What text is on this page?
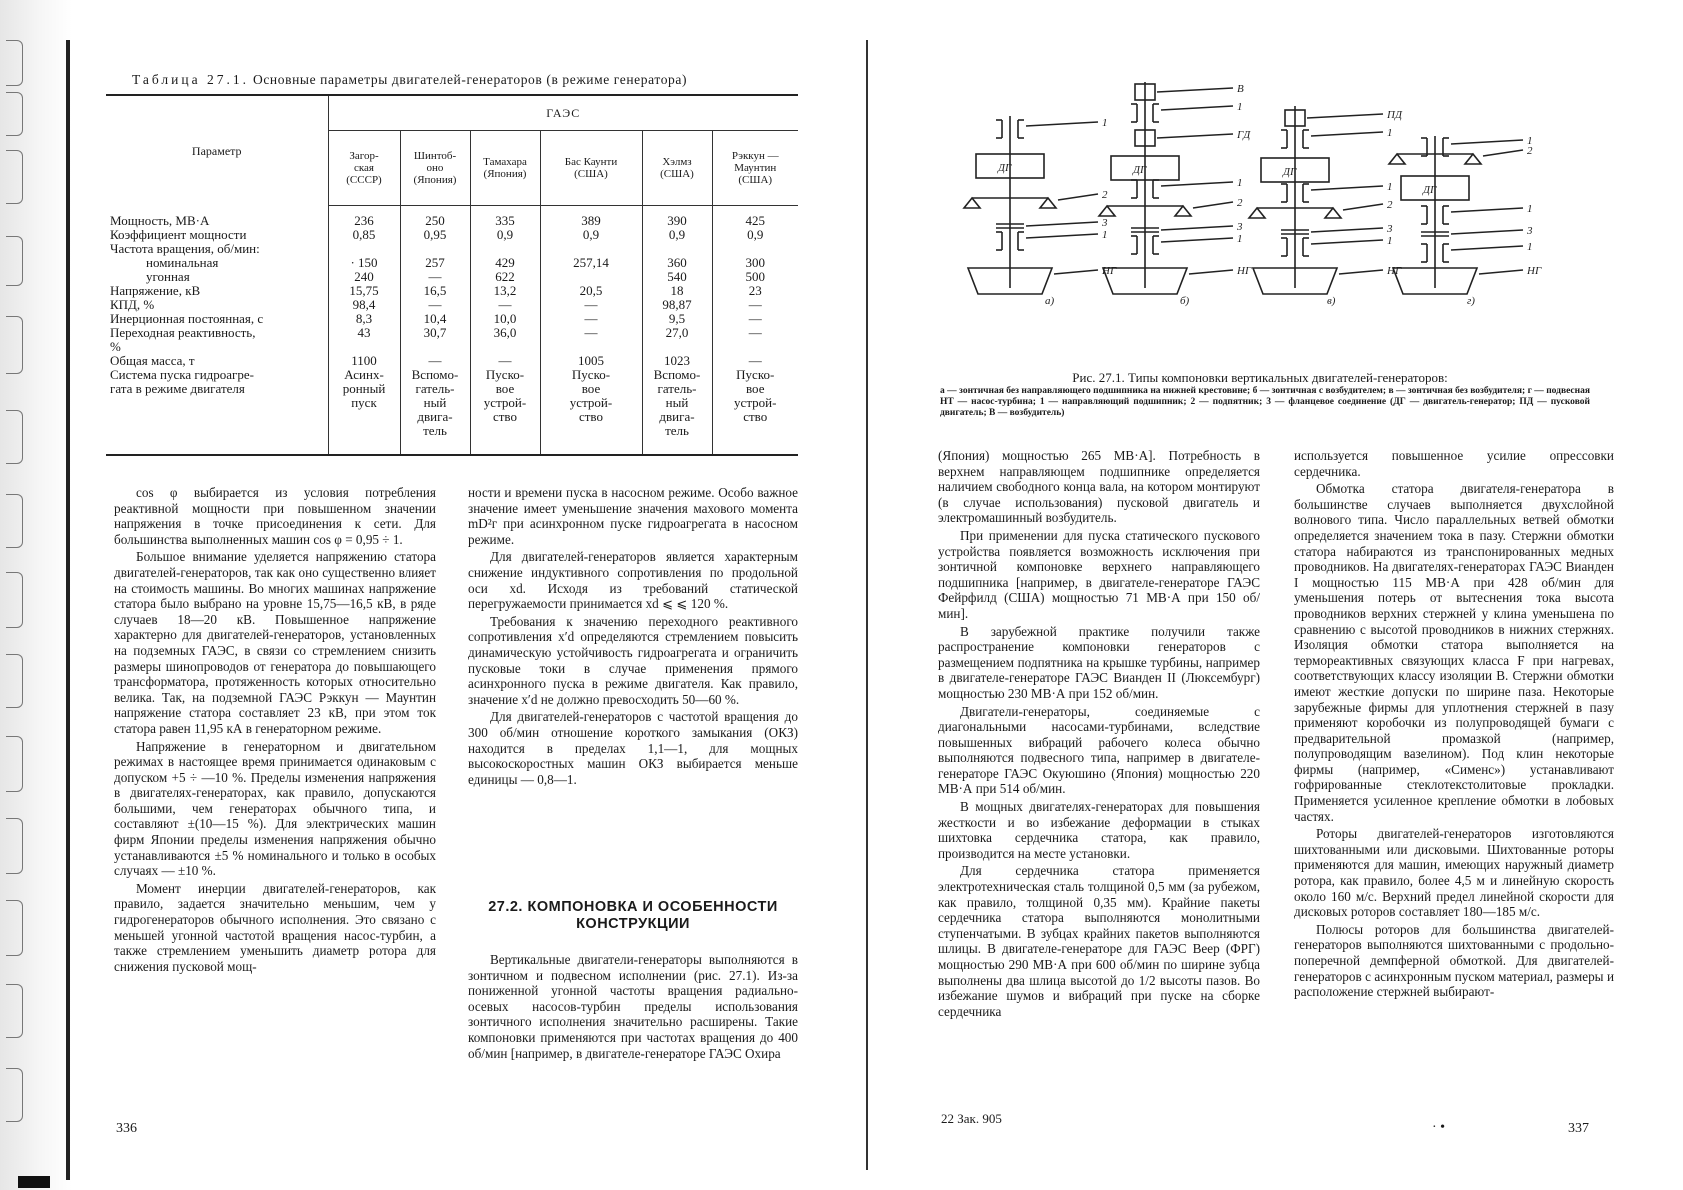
Таблица 27.1. Основные параметры двигателей-генераторов (в режиме генератора)
Параметр	ГАЭС					
	Загор-
ская
(СССР)	Шинтоб-
оно
(Япония)	Тамахара
(Япония)	Бас Каунти
(США)	Хэлмз
(США)	Рэккун —
Маунтин
(США)
Мощность, МВ·А	236	250	335	389	390	425
Коэффициент мощности	0,85	0,95	0,9	0,9	0,9	0,9
Частота вращения, об/мин:						
номинальная	· 150	257	429	257,14	360	300
угонная	240	—	622		540	500
Напряжение, кВ	15,75	16,5	13,2	20,5	18	23
КПД, %	98,4	—	—	—	98,87	—
Инерционная постоянная, с	8,3	10,4	10,0	—	9,5	—
Переходная реактивность,
%	43	30,7	36,0	—	27,0	—
Общая масса, т	1100	—	—	1005	1023	—
Система пуска гидроагре-
гата в режиме двигателя	Асинх-
ронный
пуск	Вспомо-
гатель-
ный
двига-
тель	Пуско-
вое
устрой-
ство	Пуско-
вое
устрой-
ство	Вспомо-
гатель-
ный
двига-
тель	Пуско-
вое
устрой-
ство

cos φ выбирается из условия потребления реактивной мощности при повышенном значении напряжения в точке присоединения к сети. Для большинства выполненных машин cos φ = 0,95 ÷ 1.

Большое внимание уделяется напряжению статора двигателей-генераторов, так как оно существенно влияет на стоимость машины. Во многих машинах напряжение статора было выбрано на уровне 15,75—16,5 кВ, в ряде случаев 18—20 кВ. Повышенное напряжение характерно для двигателей-генераторов, установленных на подземных ГАЭС, в связи со стремлением снизить размеры шинопроводов от генератора до повышающего трансформатора, протяженность которых относительно велика. Так, на подземной ГАЭС Рэккун — Маунтин напряжение статора составляет 23 кВ, при этом ток статора равен 11,95 кА в генераторном режиме.

Напряжение в генераторном и двигательном режимах в настоящее время принимается одинаковым с допуском +5 ÷ —10 %. Пределы изменения напряжения в двигателях-генераторах, как правило, допускаются большими, чем генераторах обычного типа, и составляют ±(10—15 %). Для электрических машин фирм Японии пределы изменения напряжения обычно устанавливаются ±5 % номинального и только в особых случаях — ±10 %.

Момент инерции двигателей-генераторов, как правило, задается значительно меньшим, чем у гидрогенераторов обычного исполнения. Это связано с меньшей угонной частотой вращения насос-турбин, а также стремлением уменьшить диаметр ротора для снижения пусковой мощ-

ности и времени пуска в насосном режиме. Особо важное значение имеет уменьшение значения махового момента mD²г при асинхронном пуске гидроагрегата в насосном режиме.

Для двигателей-генераторов является характерным снижение индуктивного сопротивления по продольной оси xd. Исходя из требований статической перегружаемости принимается xd ⩽ ⩽ 120 %.

Требования к значению переходного реактивного сопротивления x′d определяются стремлением повысить динамическую устойчивость гидроагрегата и ограничить пусковые токи в случае применения прямого асинхронного пуска в режиме двигателя. Как правило, значение x′d не должно превосходить 50—60 %.

Для двигателей-генераторов с частотой вращения до 300 об/мин отношение короткого замыкания (ОКЗ) находится в пределах 1,1—1, для мощных высокоскоростных машин ОКЗ выбирается меньше единицы — 0,8—1.

27.2. КОМПОНОВКА И ОСОБЕННОСТИ КОНСТРУКЦИИ

Вертикальные двигатели-генераторы выполняются в зонтичном и подвесном исполнении (рис. 27.1). Из-за пониженной угонной частоты вращения радиально-осевых насосов-турбин пределы использования зонтичного исполнения значительно расширены. Такие компоновки применяются при частотах вращения до 400 об/мин [например, в двигателе-генераторе ГАЭС Охира

336
1
ДГ
2
3
1
НГ
а)
В
1
ГД
ДГ
1
2
3
1
НГ
б)
ПД
1
ДГ
1
2
3
1
НГ
в)
1
2
ДГ
1
3
1
НГ
г)
Рис. 27.1. Типы компоновки вертикальных двигателей-генераторов:
а — зонтичная без направляющего подшипника на нижней крестовине; б — зонтичная с возбудителем; в — зонтичная без возбудителя; г — подвесная НТ — насос-турбина; 1 — направляющий подшипник; 2 — подпятник; 3 — фланцевое соединение (ДГ — двигатель-генератор; ПД — пусковой двигатель; В — возбудитель)

(Япония) мощностью 265 МВ·А]. Потребность в верхнем направляющем подшипнике определяется наличием свободного конца вала, на котором монтируют (в случае использования) пусковой двигатель и электромашинный возбудитель.

При применении для пуска статического пускового устройства появляется возможность исключения при зонтичной компоновке верхнего направляющего подшипника [например, в двигателе-генераторе ГАЭС Фейрфилд (США) мощностью 71 МВ·А при 150 об/мин].

В зарубежной практике получили также распространение компоновки генераторов с размещением подпятника на крышке турбины, например в двигателе-генераторе ГАЭС Вианден II (Люксембург) мощностью 230 МВ·А при 152 об/мин.

Двигатели-генераторы, соединяемые с диагональными насосами-турбинами, вследствие повышенных вибраций рабочего колеса обычно выполняются подвесного типа, например в двигателе-генераторе ГАЭС Окуюшино (Япония) мощностью 220 МВ·А при 514 об/мин.

В мощных двигателях-генераторах для повышения жесткости и во избежание деформации в стыках шихтовка сердечника статора, как правило, производится на месте установки.

Для сердечника статора применяется электротехническая сталь толщиной 0,5 мм (за рубежом, как правило, толщиной 0,35 мм). Крайние пакеты сердечника статора выполняются монолитными ступенчатыми. В зубцах крайних пакетов выполняются шлицы. В двигателе-генераторе для ГАЭС Веер (ФРГ) мощностью 290 МВ·А при 600 об/мин по ширине зубца выполнены два шлица высотой до 1/2 высоты пазов. Во избежание шумов и вибраций при пуске на сборке сердечника

используется повышенное усилие опрессовки сердечника.

Обмотка статора двигателя-генератора в большинстве случаев выполняется двухслойной волнового типа. Число параллельных ветвей обмотки определяется значением тока в пазу. Стержни обмотки статора набираются из транспонированных медных проводников. На двигателях-генераторах ГАЭС Вианден I мощностью 115 МВ·А при 428 об/мин для уменьшения потерь от вытеснения тока высота проводников верхних стержней у клина уменьшена по сравнению с высотой проводников в нижних стержнях. Изоляция обмотки статора выполняется на термореактивных связующих класса F при нагревах, соответствующих классу изоляции В. Стержни обмотки имеют жесткие допуски по ширине паза. Некоторые зарубежные фирмы для уплотнения стержней в пазу применяют коробочки из полупроводящей бумаги с предварительной промазкой (например, полупроводящим вазелином). Под клин некоторые фирмы (например, «Сименс») устанавливают гофрированные стеклотекстолитовые прокладки. Применяется усиленное крепление обмотки в лобовых частях.

Роторы двигателей-генераторов изготовляются шихтованными или дисковыми. Шихтованные роторы применяются для машин, имеющих наружный диаметр ротора, как правило, более 4,5 м и линейную скорость около 160 м/с. Верхний предел линейной скорости для дисковых роторов составляет 180—185 м/с.

Полюсы роторов для большинства двигателей-генераторов выполняются шихтованными с продольно-поперечной демпферной обмоткой. Для двигателей-генераторов с асинхронным пуском материал, размеры и расположение стержней выбирают-

22 Зак. 905
· •	337
